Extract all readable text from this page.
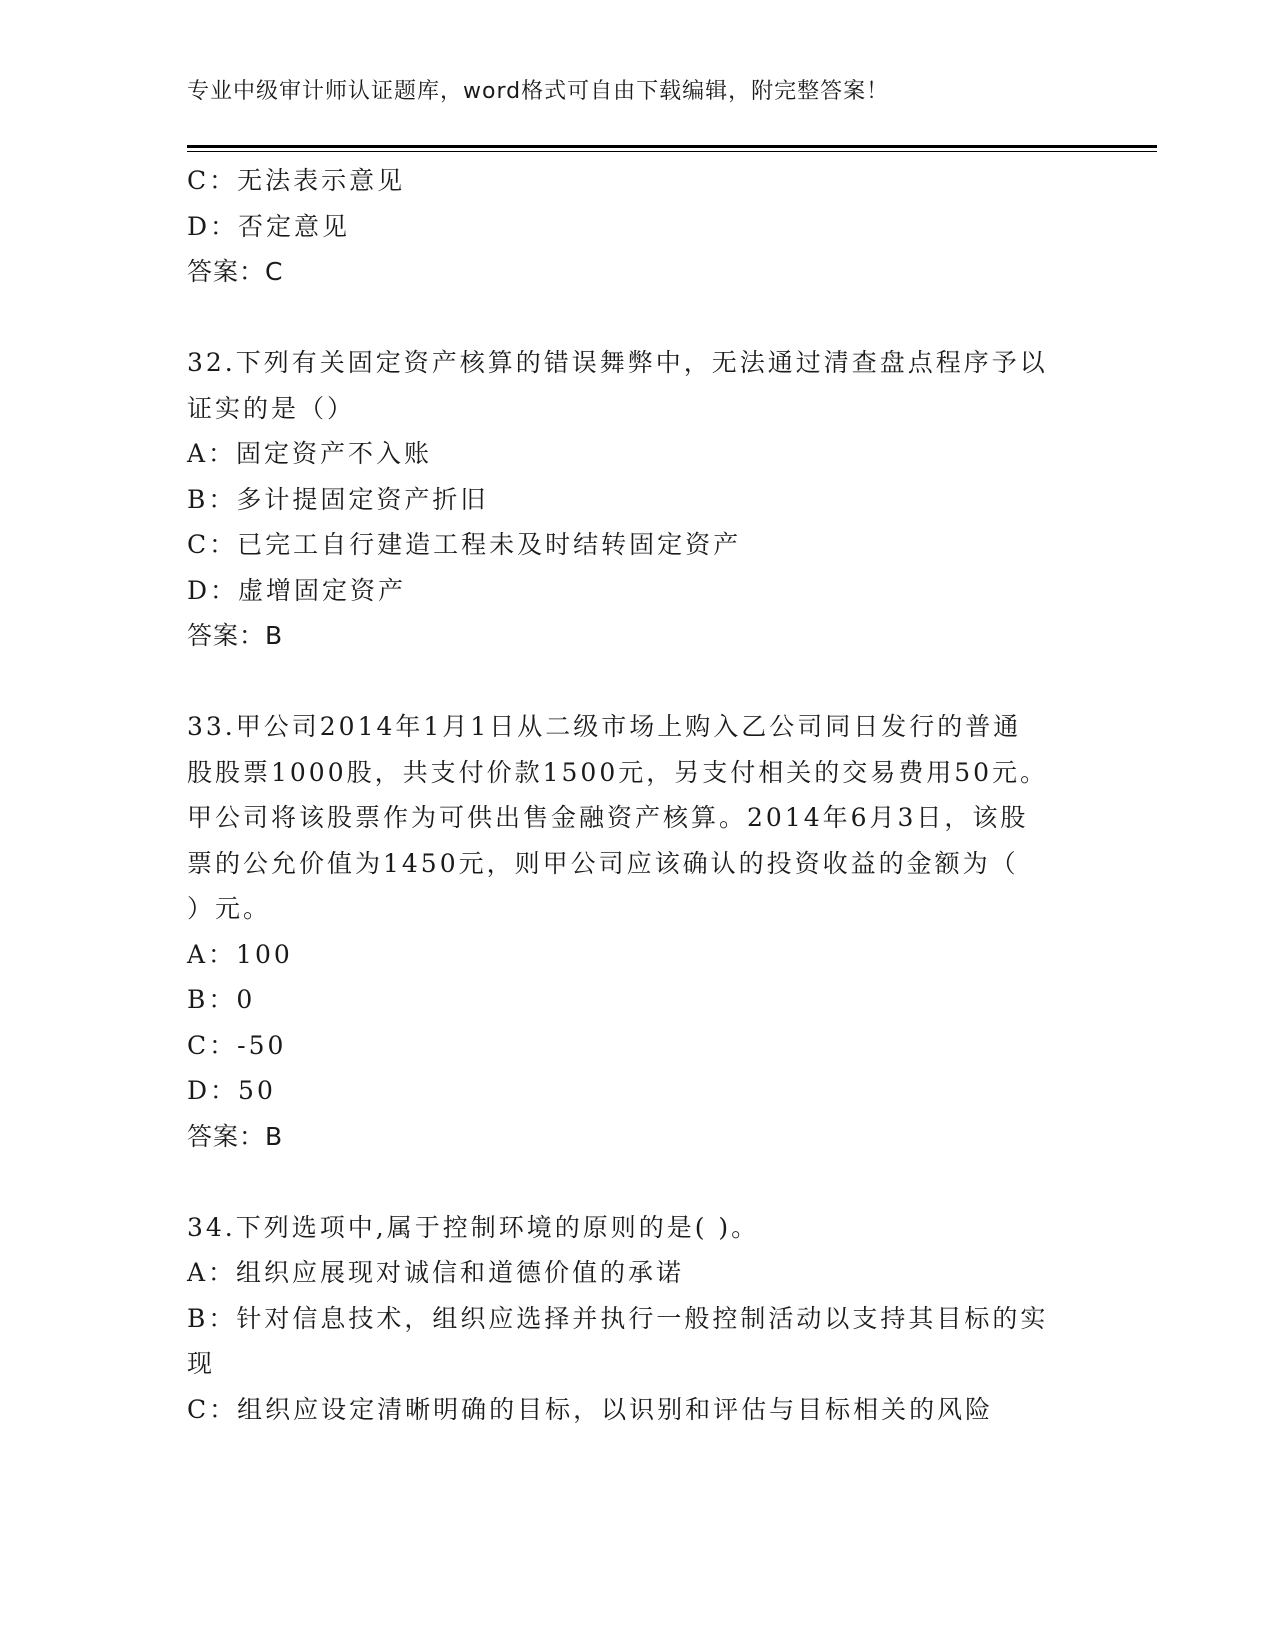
专业中级审计师认证题库，word格式可自由下载编辑，附完整答案！
C：无法表示意见
D：否定意见
答案：C
32.下列有关固定资产核算的错误舞弊中，无法通过清查盘点程序予以
证实的是（）
A：固定资产不入账
B：多计提固定资产折旧
C：已完工自行建造工程未及时结转固定资产
D：虚增固定资产
答案：B
33.甲公司2014年1月1日从二级市场上购入乙公司同日发行的普通
股股票1000股，共支付价款1500元，另支付相关的交易费用50元。
甲公司将该股票作为可供出售金融资产核算。2014年6月3日，该股
票的公允价值为1450元，则甲公司应该确认的投资收益的金额为（
）元。
A：100
B：0
C：-50
D：50
答案：B
34.下列选项中,属于控制环境的原则的是( )。
A：组织应展现对诚信和道德价值的承诺
B：针对信息技术，组织应选择并执行一般控制活动以支持其目标的实
现
C：组织应设定清晰明确的目标，以识别和评估与目标相关的风险
